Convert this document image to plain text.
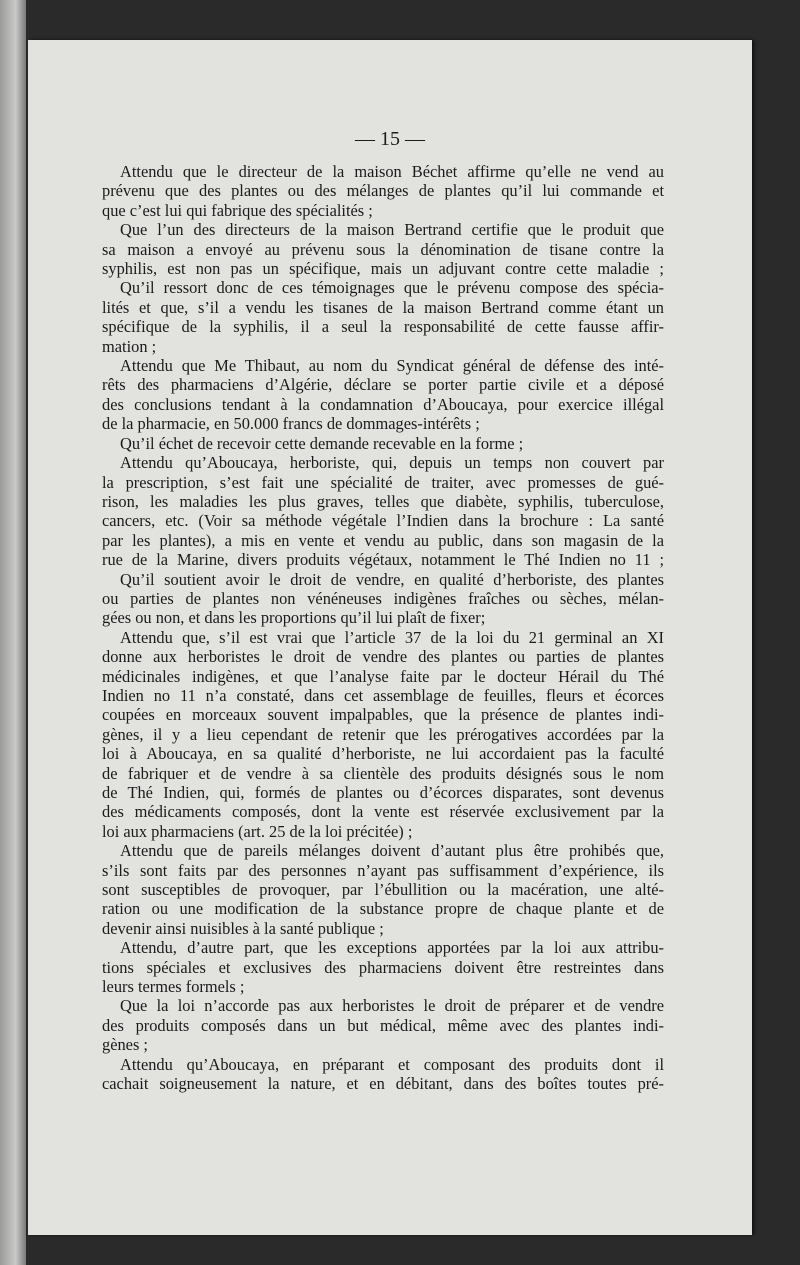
— 15 —
Attendu que le directeur de la maison Béchet affirme qu’elle ne vend au
prévenu que des plantes ou des mélanges de plantes qu’il lui commande et
que c’est lui qui fabrique des spécialités ;
Que l’un des directeurs de la maison Bertrand certifie que le produit que
sa maison a envoyé au prévenu sous la dénomination de tisane contre la
syphilis, est non pas un spécifique, mais un adjuvant contre cette maladie ;
Qu’il ressort donc de ces témoignages que le prévenu compose des spécia-
lités et que, s’il a vendu les tisanes de la maison Bertrand comme étant un
spécifique de la syphilis, il a seul la responsabilité de cette fausse affir-
mation ;
Attendu que Me Thibaut, au nom du Syndicat général de défense des inté-
rêts des pharmaciens d’Algérie, déclare se porter partie civile et a déposé
des conclusions tendant à la condamnation d’Aboucaya, pour exercice illégal
de la pharmacie, en 50.000 francs de dommages-intérêts ;
Qu’il échet de recevoir cette demande recevable en la forme ;
Attendu qu’Aboucaya, herboriste, qui, depuis un temps non couvert par
la prescription, s’est fait une spécialité de traiter, avec promesses de gué-
rison, les maladies les plus graves, telles que diabète, syphilis, tuberculose,
cancers, etc. (Voir sa méthode végétale l’Indien dans la brochure : La santé
par les plantes), a mis en vente et vendu au public, dans son magasin de la
rue de la Marine, divers produits végétaux, notamment le Thé Indien no 11 ;
Qu’il soutient avoir le droit de vendre, en qualité d’herboriste, des plantes
ou parties de plantes non vénéneuses indigènes fraîches ou sèches, mélan-
gées ou non, et dans les proportions qu’il lui plaît de fixer;
Attendu que, s’il est vrai que l’article 37 de la loi du 21 germinal an XI
donne aux herboristes le droit de vendre des plantes ou parties de plantes
médicinales indigènes, et que l’analyse faite par le docteur Hérail du Thé
Indien no 11 n’a constaté, dans cet assemblage de feuilles, fleurs et écorces
coupées en morceaux souvent impalpables, que la présence de plantes indi-
gènes, il y a lieu cependant de retenir que les prérogatives accordées par la
loi à Aboucaya, en sa qualité d’herboriste, ne lui accordaient pas la faculté
de fabriquer et de vendre à sa clientèle des produits désignés sous le nom
de Thé Indien, qui, formés de plantes ou d’écorces disparates, sont devenus
des médicaments composés, dont la vente est réservée exclusivement par la
loi aux pharmaciens (art. 25 de la loi précitée) ;
Attendu que de pareils mélanges doivent d’autant plus être prohibés que,
s’ils sont faits par des personnes n’ayant pas suffisamment d’expérience, ils
sont susceptibles de provoquer, par l’ébullition ou la macération, une alté-
ration ou une modification de la substance propre de chaque plante et de
devenir ainsi nuisibles à la santé publique ;
Attendu, d’autre part, que les exceptions apportées par la loi aux attribu-
tions spéciales et exclusives des pharmaciens doivent être restreintes dans
leurs termes formels ;
Que la loi n’accorde pas aux herboristes le droit de préparer et de vendre
des produits composés dans un but médical, même avec des plantes indi-
gènes ;
Attendu qu’Aboucaya, en préparant et composant des produits dont il
cachait soigneusement la nature, et en débitant, dans des boîtes toutes pré-
